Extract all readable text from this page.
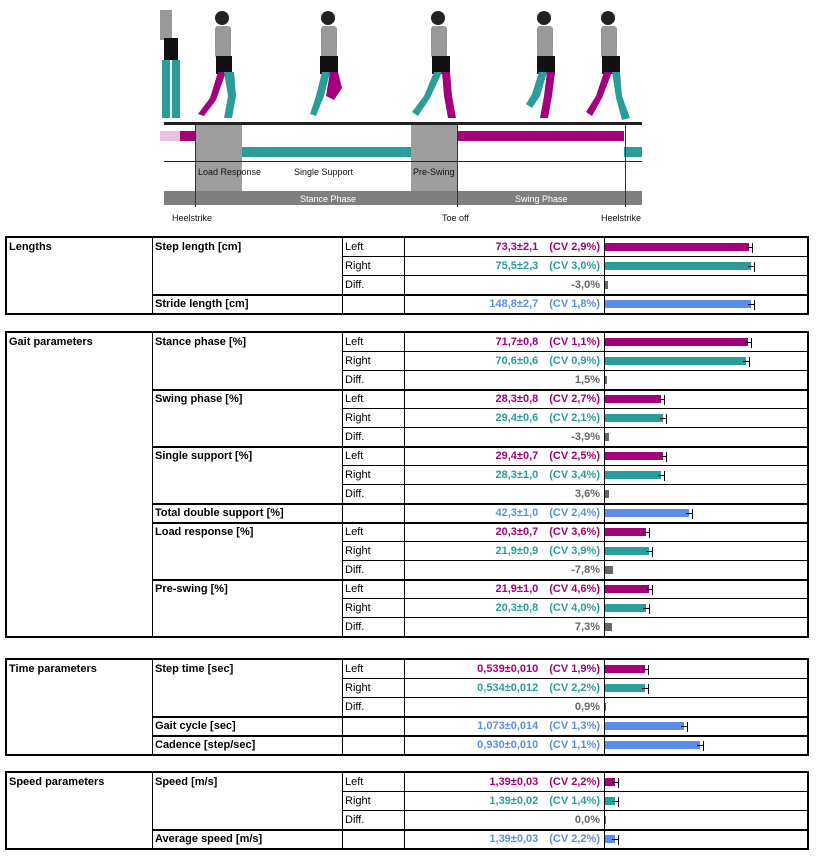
Load Response	Single Support	Pre-Swing
Stance Phase	Swing Phase
Heelstrike	Toe off	Heelstrike
Lengths	Step length [cm]	Left	73,3±2,1  (CV 2,9%)
Right	75,5±2,3  (CV 3,0%)
Diff.	-3,0%
Stride length [cm]	148,8±2,7  (CV 1,8%)
Gait parameters	Stance phase [%]	Left	71,7±0,8  (CV 1,1%)
Right	70,6±0,6  (CV 0,9%)
Diff.	1,5%
Swing phase [%]	Left	28,3±0,8  (CV 2,7%)
Right	29,4±0,6  (CV 2,1%)
Diff.	-3,9%
Single support [%]	Left	29,4±0,7  (CV 2,5%)
Right	28,3±1,0  (CV 3,4%)
Diff.	3,6%
Total double support [%]	42,3±1,0  (CV 2,4%)
Load response [%]	Left	20,3±0,7  (CV 3,6%)
Right	21,9±0,9  (CV 3,9%)
Diff.	-7,8%
Pre-swing [%]	Left	21,9±1,0  (CV 4,6%)
Right	20,3±0,8  (CV 4,0%)
Diff.	7,3%
Time parameters	Step time [sec]	Left	0,539±0,010  (CV 1,9%)
Right	0,534±0,012  (CV 2,2%)
Diff.	0,9%
Gait cycle [sec]	1,073±0,014  (CV 1,3%)
Cadence [step/sec]	0,930±0,010  (CV 1,1%)
Speed parameters	Speed [m/s]	Left	1,39±0,03  (CV 2,2%)
Right	1,39±0,02  (CV 1,4%)
Diff.	0,0%
Average speed [m/s]	1,39±0,03  (CV 2,2%)
